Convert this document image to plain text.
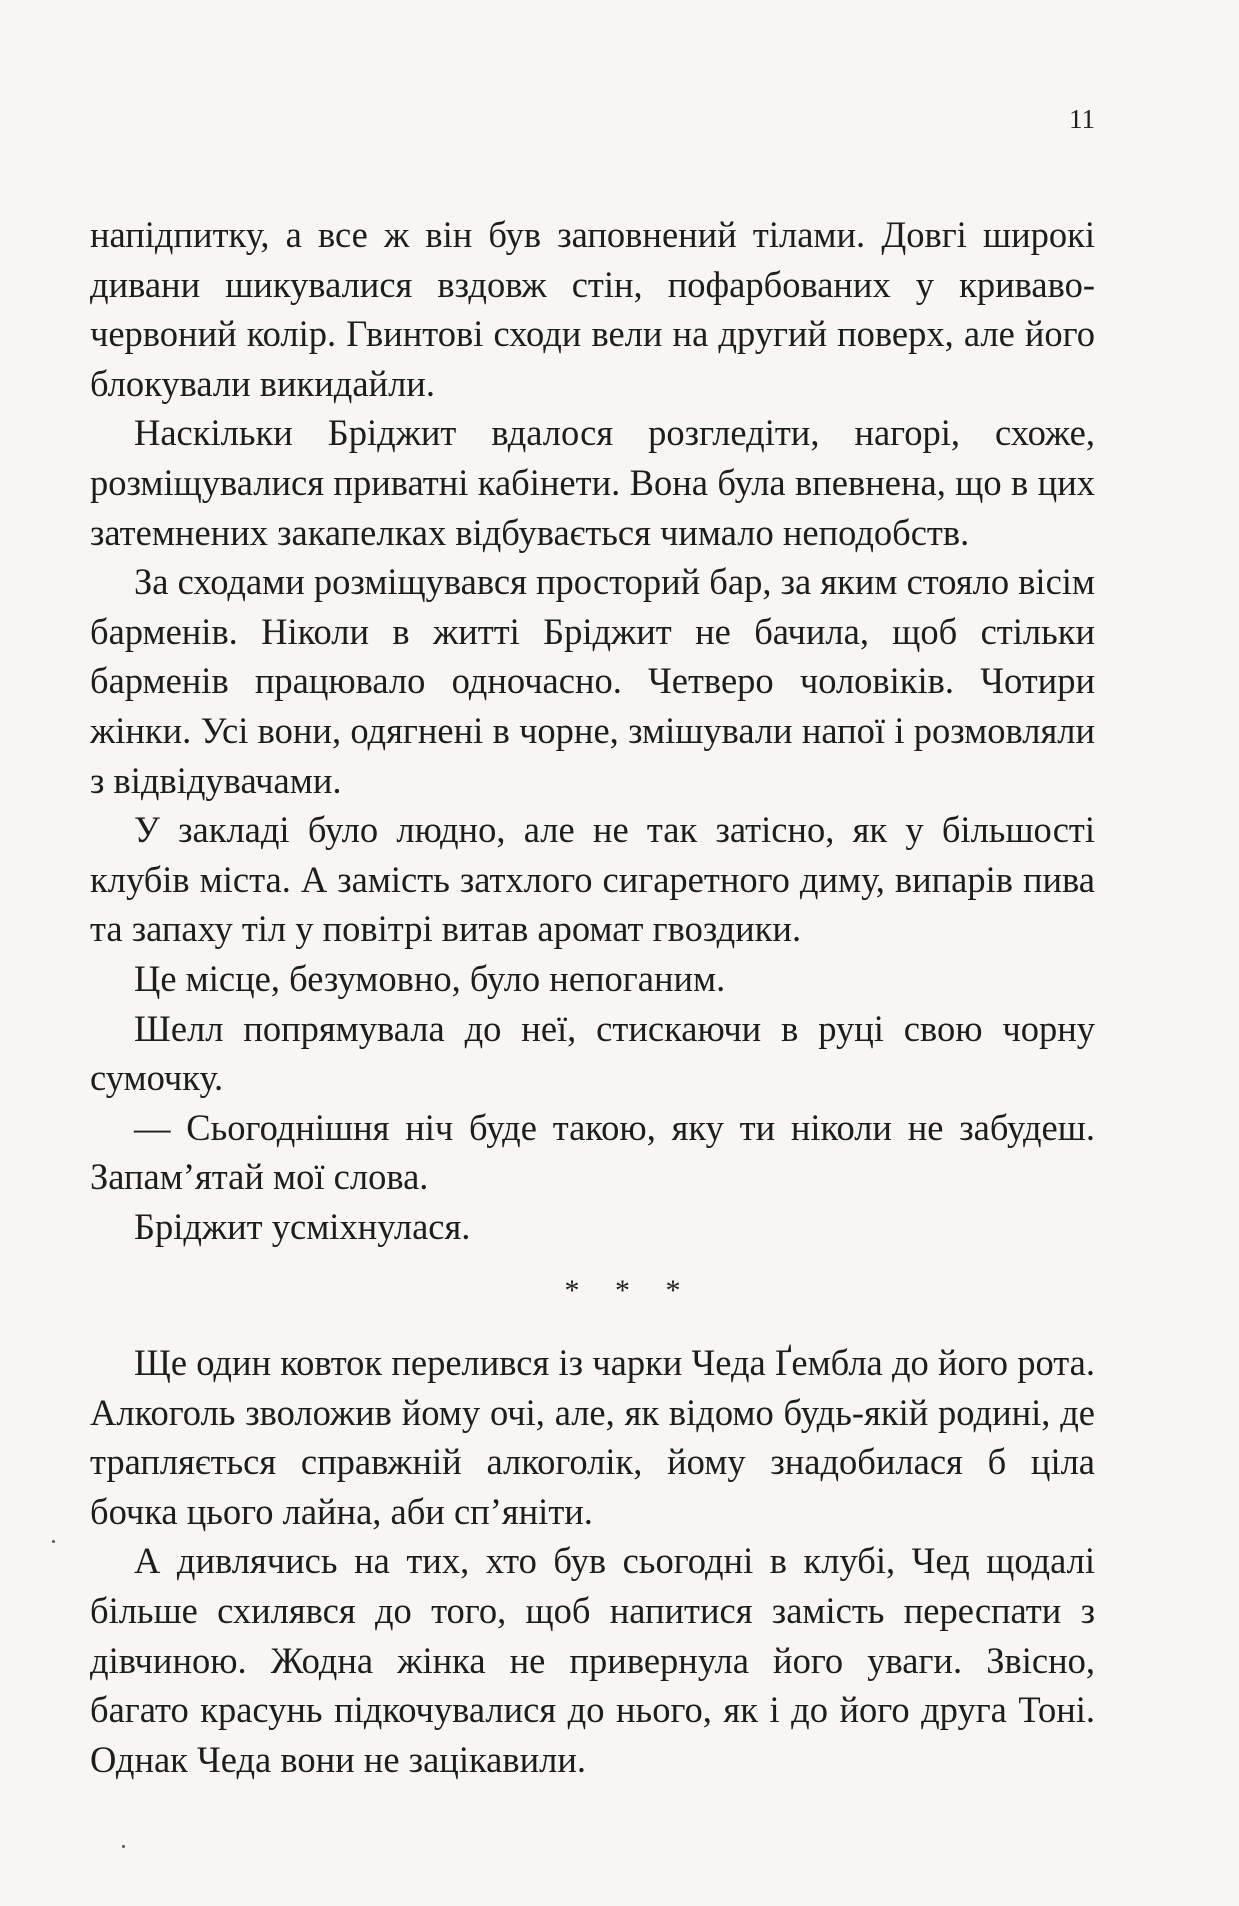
11

напідпитку, а все ж він був заповнений тілами. Довгі широкі дивани шикувалися вздовж стін, пофарбованих у криваво-червоний колір. Гвинтові сходи вели на другий поверх, але його блокували викидайли.

Наскільки Бріджит вдалося розгледіти, нагорі, схоже, розміщувалися приватні кабінети. Вона була впевнена, що в цих затемнених закапелках відбувається чимало неподобств.

За сходами розміщувався просторий бар, за яким стояло вісім барменів. Ніколи в житті Бріджит не бачила, щоб стільки барменів працювало одночасно. Четверо чоловіків. Чотири жінки. Усі вони, одягнені в чорне, змішували напої і розмовляли з відвідувачами.

У закладі було людно, але не так затісно, як у більшості клубів міста. А замість затхлого сигаретного диму, випарів пива та запаху тіл у повітрі витав аромат гвоздики.

Це місце, безумовно, було непоганим.

Шелл попрямувала до неї, стискаючи в руці свою чорну сумочку.

— Сьогоднішня ніч буде такою, яку ти ніколи не забудеш. Запам’ятай мої слова.

Бріджит усміхнулася.

* * *

Ще один ковток перелився із чарки Чеда Ґембла до його рота. Алкоголь зволожив йому очі, але, як відомо будь-якій родині, де трапляється справжній алкоголік, йому знадобилася б ціла бочка цього лайна, аби сп’яніти.

А дивлячись на тих, хто був сьогодні в клубі, Чед щодалі більше схилявся до того, щоб напитися замість переспати з дівчиною. Жодна жінка не привернула його уваги. Звісно, багато красунь підкочувалися до нього, як і до його друга Тоні. Однак Чеда вони не зацікавили.
